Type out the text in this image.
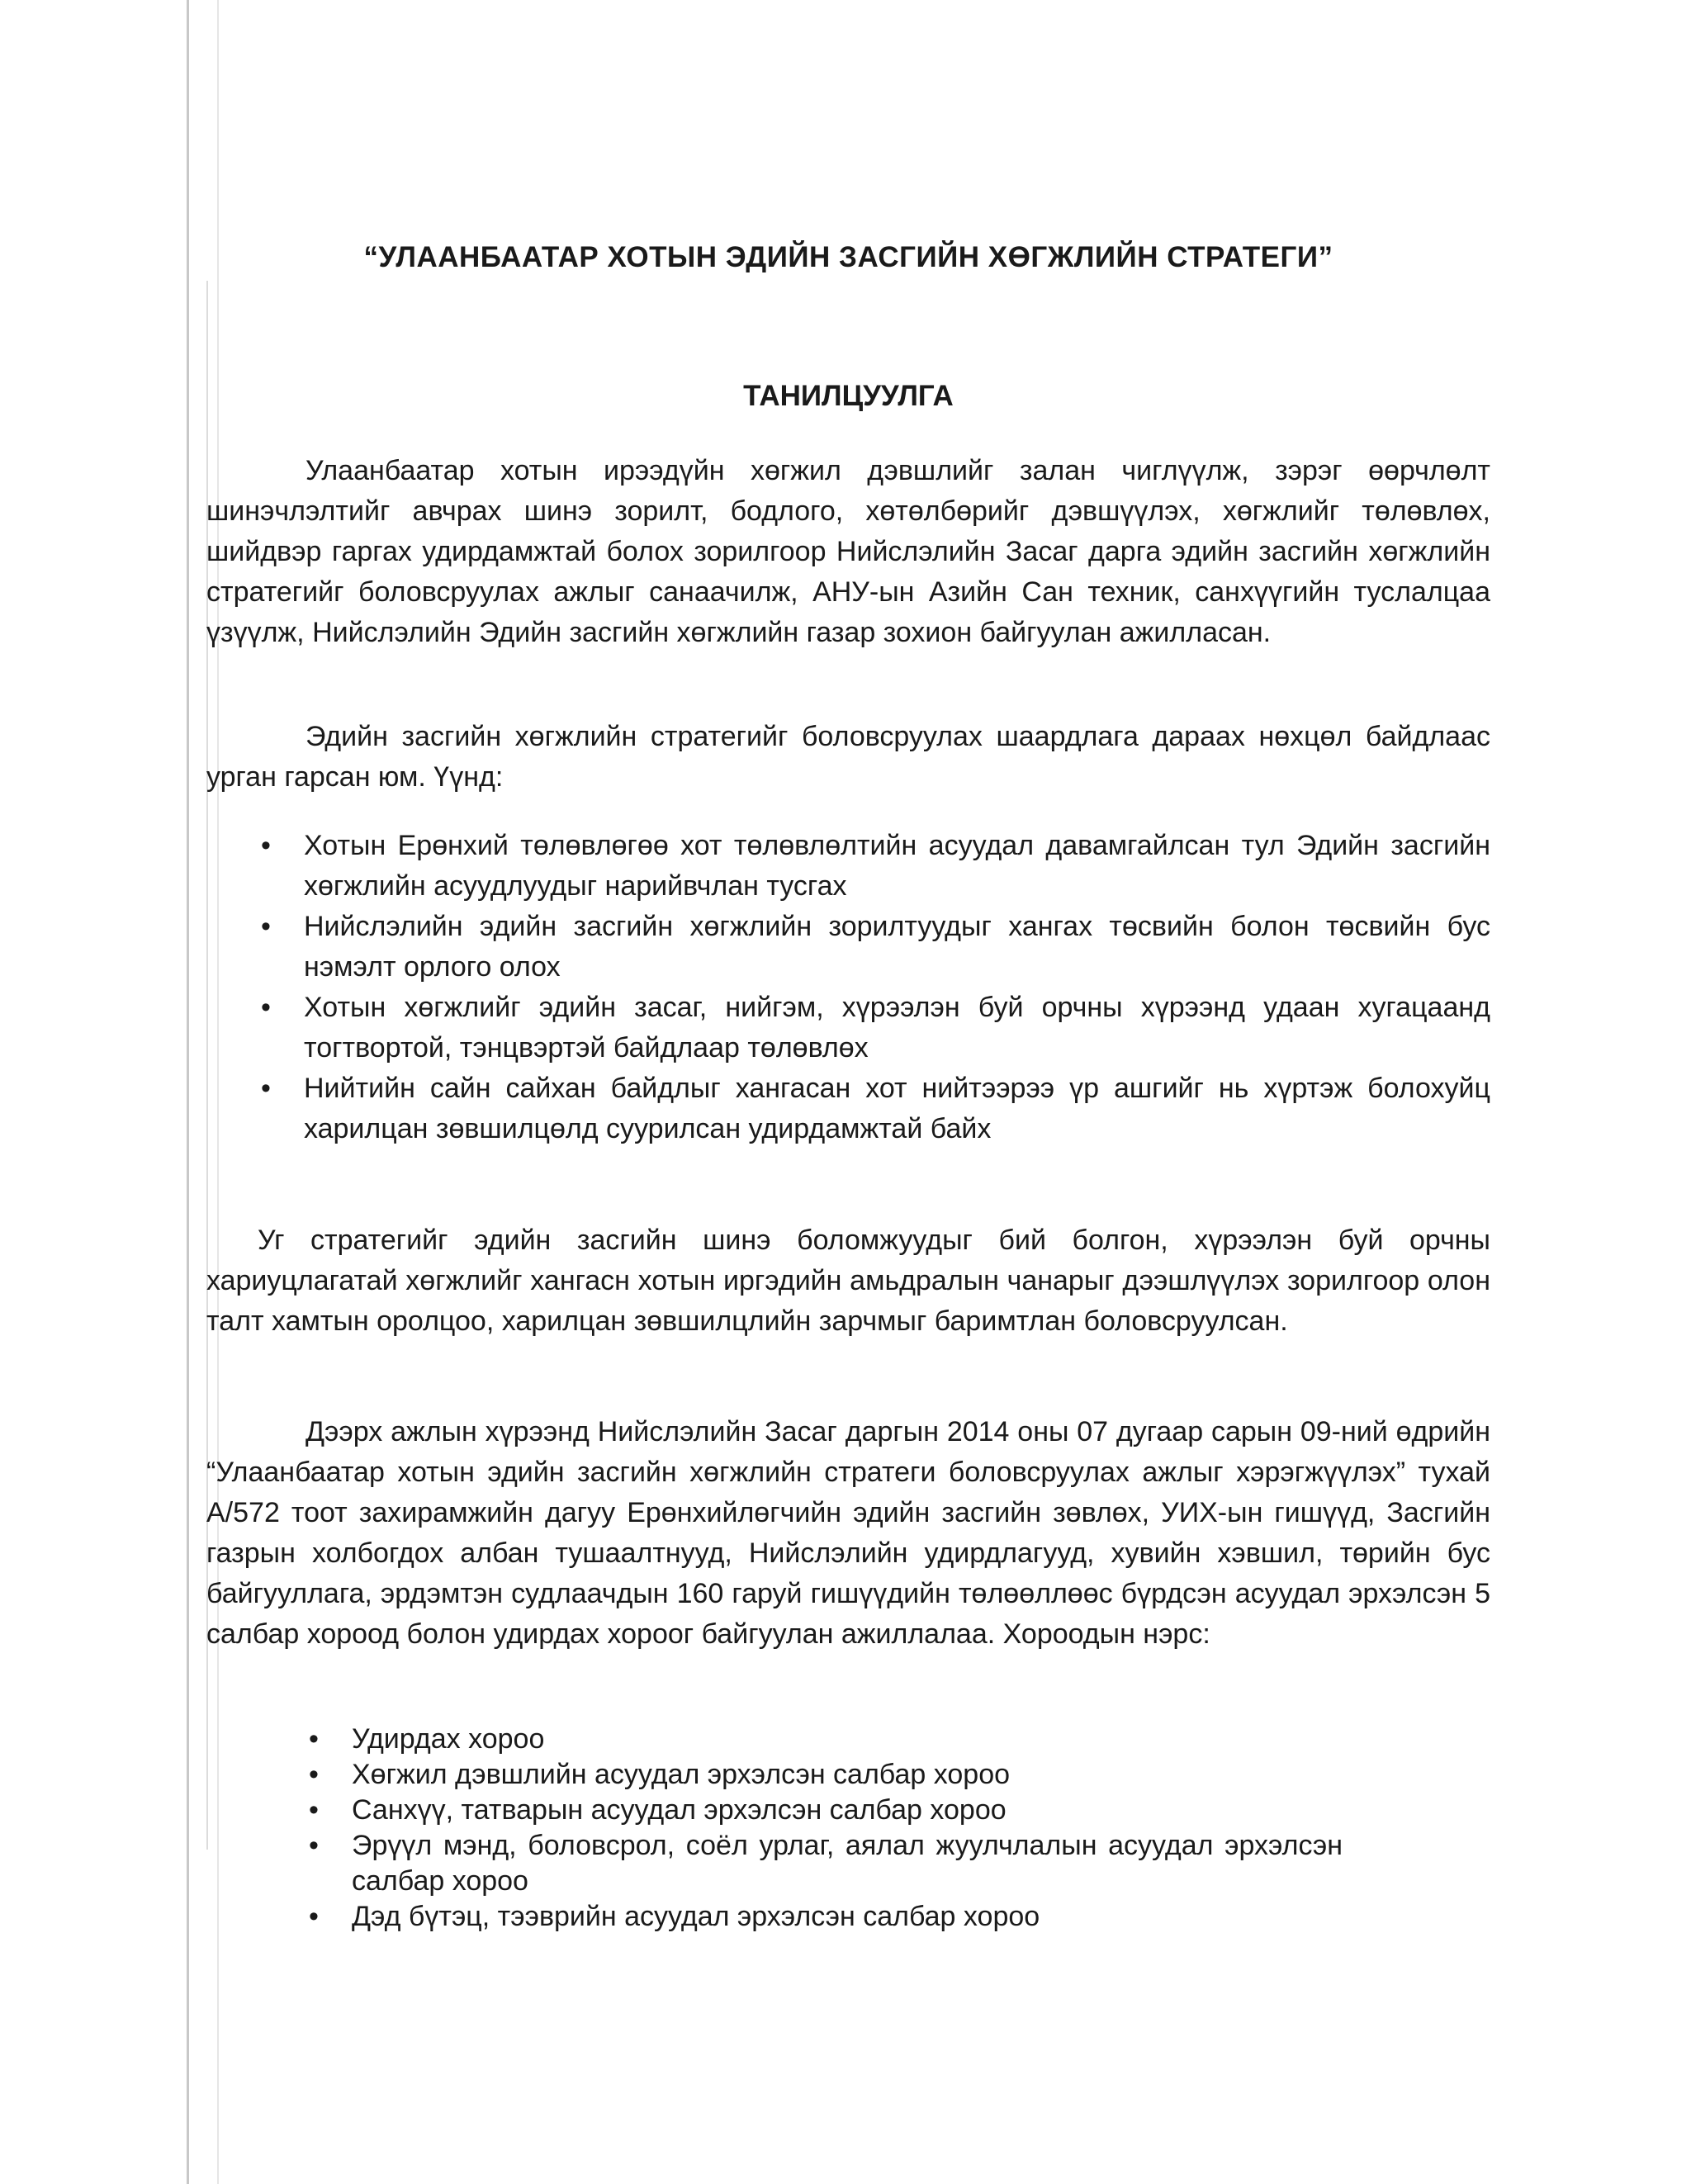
“УЛААНБААТАР ХОТЫН ЭДИЙН ЗАСГИЙН ХӨГЖЛИЙН СТРАТЕГИ”
ТАНИЛЦУУЛГА

Улаанбаатар хотын ирээдүйн хөгжил дэвшлийг залан чиглүүлж, зэрэг өөрчлөлт шинэчлэлтийг авчрах шинэ зорилт, бодлого, хөтөлбөрийг дэвшүүлэх, хөгжлийг төлөвлөх, шийдвэр гаргах удирдамжтай болох зорилгоор Нийслэлийн Засаг дарга эдийн засгийн хөгжлийн стратегийг боловсруулах ажлыг санаачилж, АНУ-ын Азийн Сан техник, санхүүгийн туслалцаа үзүүлж, Нийслэлийн Эдийн засгийн хөгжлийн газар зохион байгуулан ажилласан.

Эдийн засгийн хөгжлийн стратегийг боловсруулах шаардлага дараах нөхцөл байдлаас урган гарсан юм. Үүнд:

• Хотын Ерөнхий төлөвлөгөө хот төлөвлөлтийн асуудал давамгайлсан тул Эдийн засгийн хөгжлийн асуудлуудыг нарийвчлан тусгах
• Нийслэлийн эдийн засгийн хөгжлийн зорилтуудыг хангах төсвийн болон төсвийн бус нэмэлт орлого олох
• Хотын хөгжлийг эдийн засаг, нийгэм, хүрээлэн буй орчны хүрээнд удаан хугацаанд тогтвортой, тэнцвэртэй байдлаар төлөвлөх
• Нийтийн сайн сайхан байдлыг хангасан хот нийтээрээ үр ашгийг нь хүртэж болохуйц харилцан зөвшилцөлд суурилсан удирдамжтай байх

Уг стратегийг эдийн засгийн шинэ боломжуудыг бий болгон, хүрээлэн буй орчны хариуцлагатай хөгжлийг хангасн хотын иргэдийн амьдралын чанарыг дээшлүүлэх зорилгоор олон талт хамтын оролцоо, харилцан зөвшилцлийн зарчмыг баримтлан боловсруулсан.

Дээрх ажлын хүрээнд Нийслэлийн Засаг даргын 2014 оны 07 дугаар сарын 09-ний өдрийн “Улаанбаатар хотын эдийн засгийн хөгжлийн стратеги боловсруулах ажлыг хэрэгжүүлэх” тухай А/572 тоот захирамжийн дагуу Ерөнхийлөгчийн эдийн засгийн зөвлөх, УИХ-ын гишүүд, Засгийн газрын холбогдох албан тушаалтнууд, Нийслэлийн удирдлагууд, хувийн хэвшил, төрийн бус байгууллага, эрдэмтэн судлаачдын 160 гаруй гишүүдийн төлөөллөөс бүрдсэн асуудал эрхэлсэн 5 салбар хороод болон удирдах хороог байгуулан ажиллалаа. Хороодын нэрс:

• Удирдах хороо
• Хөгжил дэвшлийн асуудал эрхэлсэн салбар хороо
• Санхүү, татварын асуудал эрхэлсэн салбар хороо
• Эрүүл мэнд, боловсрол, соёл урлаг, аялал жуулчлалын асуудал эрхэлсэн салбар хороо
• Дэд бүтэц, тээврийн асуудал эрхэлсэн салбар хороо
